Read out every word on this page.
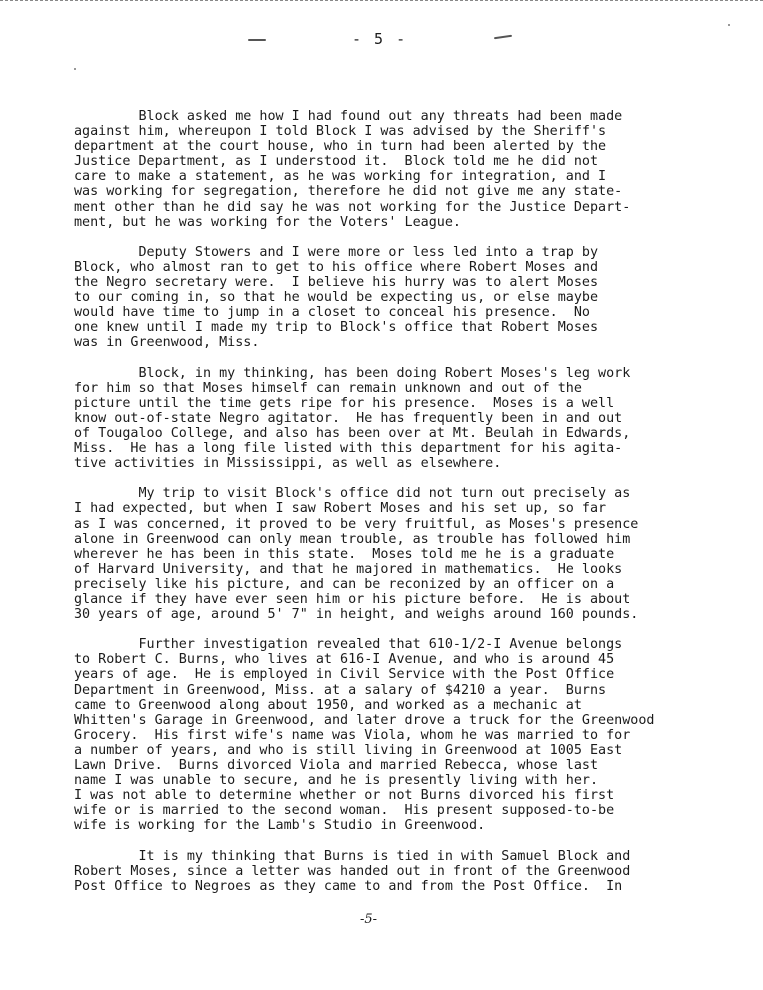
- 5 -
Block asked me how I had found out any threats had been made
against him, whereupon I told Block I was advised by the Sheriff's
department at the court house, who in turn had been alerted by the
Justice Department, as I understood it.  Block told me he did not
care to make a statement, as he was working for integration, and I
was working for segregation, therefore he did not give me any state-
ment other than he did say he was not working for the Justice Depart-
ment, but he was working for the Voters' League.
Deputy Stowers and I were more or less led into a trap by
Block, who almost ran to get to his office where Robert Moses and
the Negro secretary were.  I believe his hurry was to alert Moses
to our coming in, so that he would be expecting us, or else maybe
would have time to jump in a closet to conceal his presence.  No
one knew until I made my trip to Block's office that Robert Moses
was in Greenwood, Miss.
Block, in my thinking, has been doing Robert Moses's leg work
for him so that Moses himself can remain unknown and out of the
picture until the time gets ripe for his presence.  Moses is a well
know out-of-state Negro agitator.  He has frequently been in and out
of Tougaloo College, and also has been over at Mt. Beulah in Edwards,
Miss.  He has a long file listed with this department for his agita-
tive activities in Mississippi, as well as elsewhere.
My trip to visit Block's office did not turn out precisely as
I had expected, but when I saw Robert Moses and his set up, so far
as I was concerned, it proved to be very fruitful, as Moses's presence
alone in Greenwood can only mean trouble, as trouble has followed him
wherever he has been in this state.  Moses told me he is a graduate
of Harvard University, and that he majored in mathematics.  He looks
precisely like his picture, and can be reconized by an officer on a
glance if they have ever seen him or his picture before.  He is about
30 years of age, around 5' 7" in height, and weighs around 160 pounds.
Further investigation revealed that 610-1/2-I Avenue belongs
to Robert C. Burns, who lives at 616-I Avenue, and who is around 45
years of age.  He is employed in Civil Service with the Post Office
Department in Greenwood, Miss. at a salary of $4210 a year.  Burns
came to Greenwood along about 1950, and worked as a mechanic at
Whitten's Garage in Greenwood, and later drove a truck for the Greenwood
Grocery.  His first wife's name was Viola, whom he was married to for
a number of years, and who is still living in Greenwood at 1005 East
Lawn Drive.  Burns divorced Viola and married Rebecca, whose last
name I was unable to secure, and he is presently living with her.
I was not able to determine whether or not Burns divorced his first
wife or is married to the second woman.  His present supposed-to-be
wife is working for the Lamb's Studio in Greenwood.
It is my thinking that Burns is tied in with Samuel Block and
Robert Moses, since a letter was handed out in front of the Greenwood
Post Office to Negroes as they came to and from the Post Office.  In
-5-
